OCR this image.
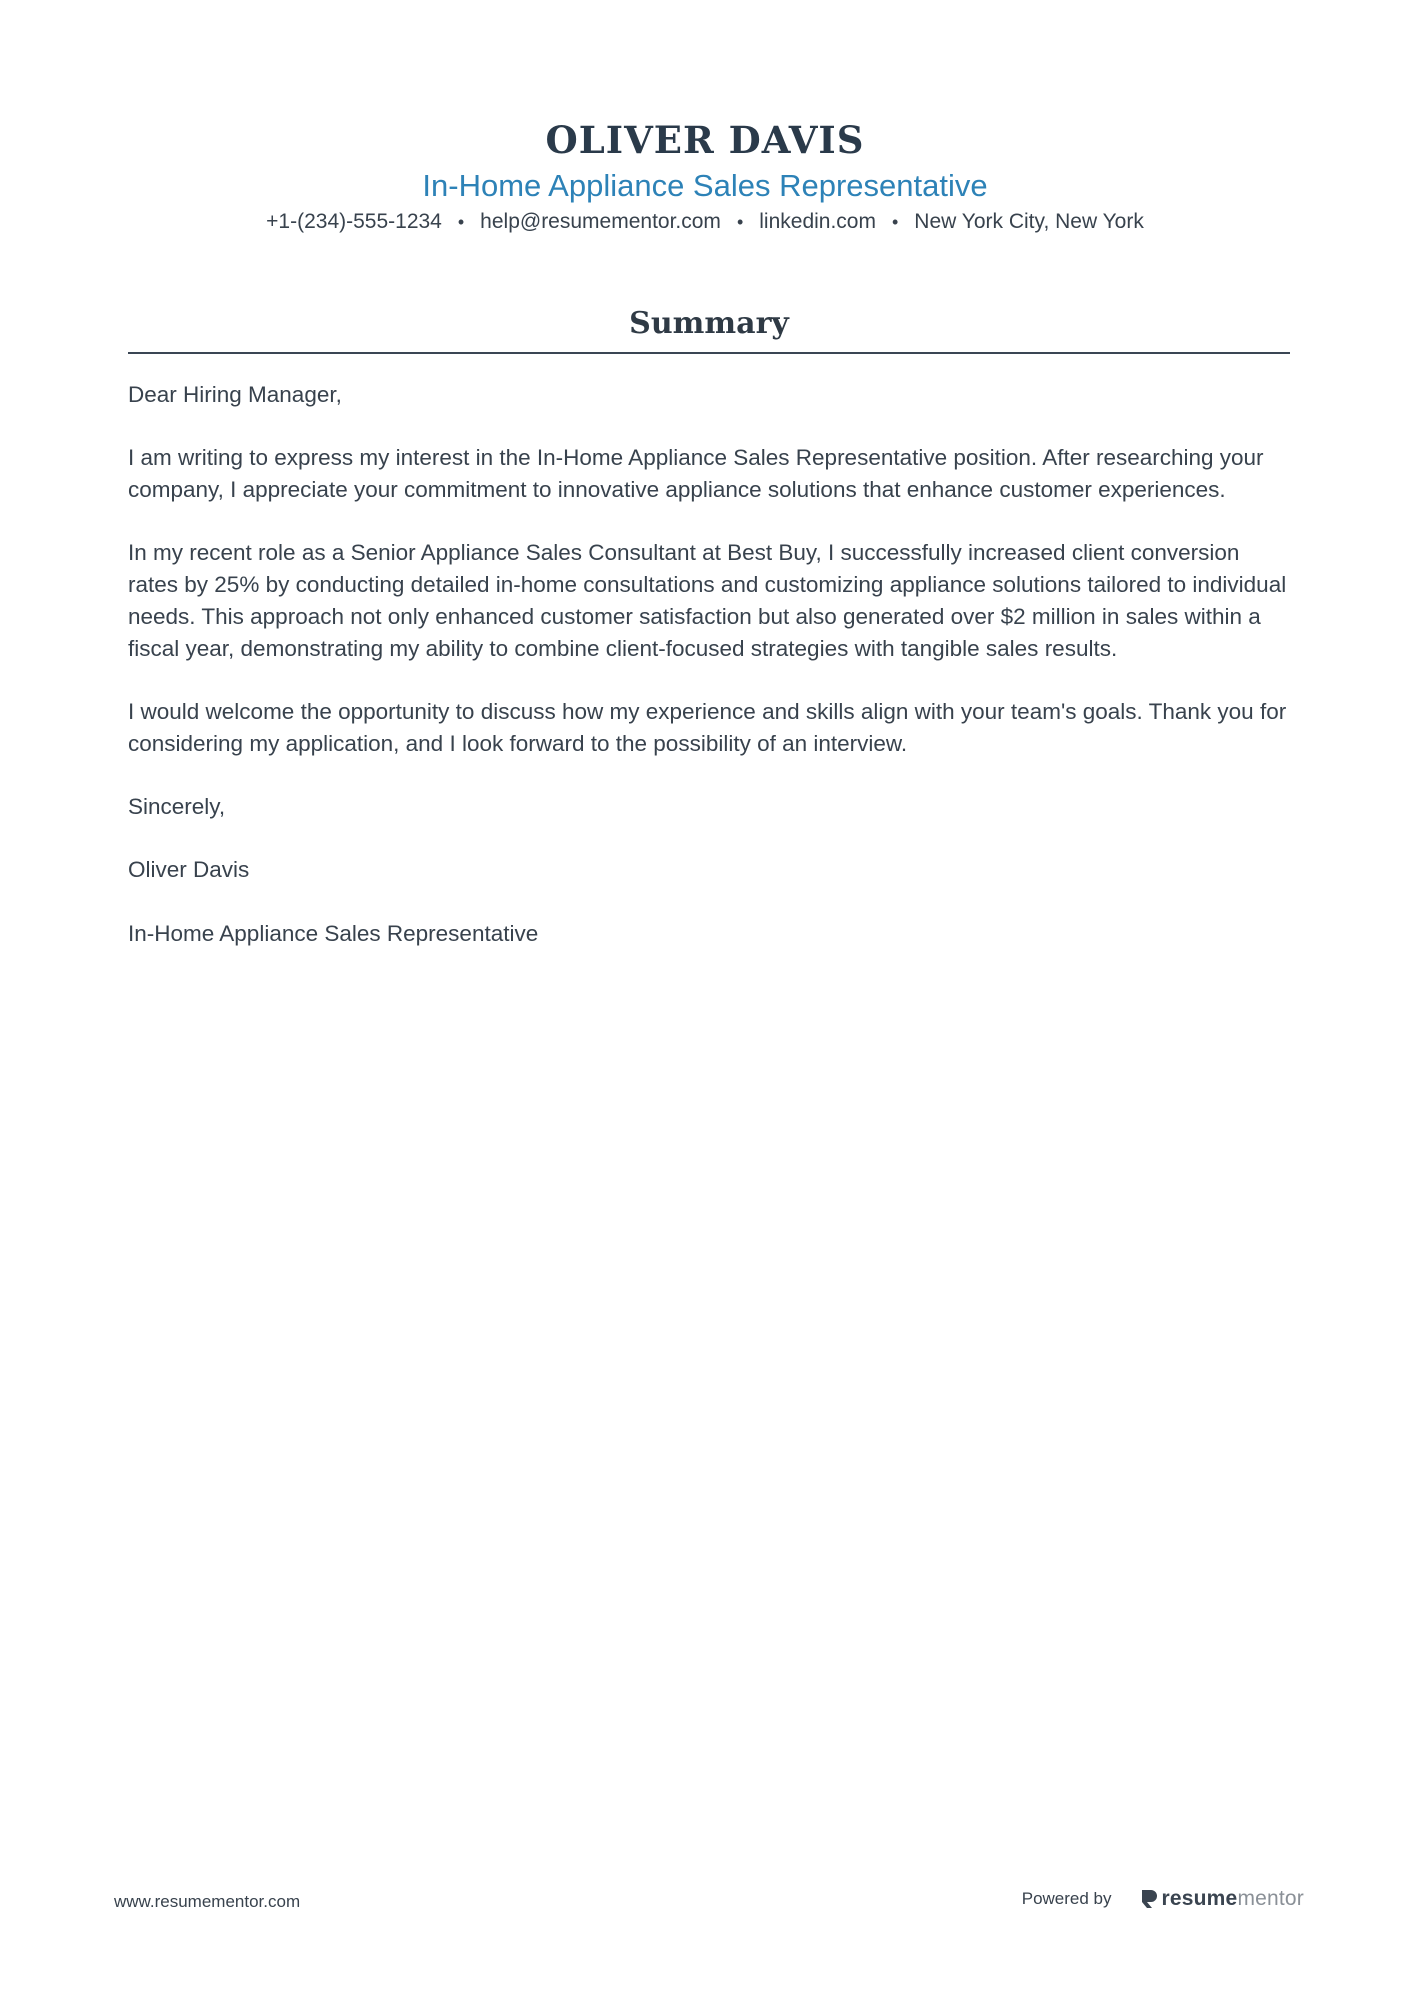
OLIVER DAVIS
In-Home Appliance Sales Representative
+1-(234)-555-1234 • help@resumementor.com • linkedin.com • New York City, New York
Summary

Dear Hiring Manager,

I am writing to express my interest in the In-Home Appliance Sales Representative position. After researching your company, I appreciate your commitment to innovative appliance solutions that enhance customer experiences.

In my recent role as a Senior Appliance Sales Consultant at Best Buy, I successfully increased client conversion rates by 25% by conducting detailed in-home consultations and customizing appliance solutions tailored to individual needs. This approach not only enhanced customer satisfaction but also generated over $2 million in sales within a fiscal year, demonstrating my ability to combine client-focused strategies with tangible sales results.

I would welcome the opportunity to discuss how my experience and skills align with your team's goals. Thank you for considering my application, and I look forward to the possibility of an interview.

Sincerely,

Oliver Davis

In-Home Appliance Sales Representative

www.resumementor.com	Powered by resumementor
